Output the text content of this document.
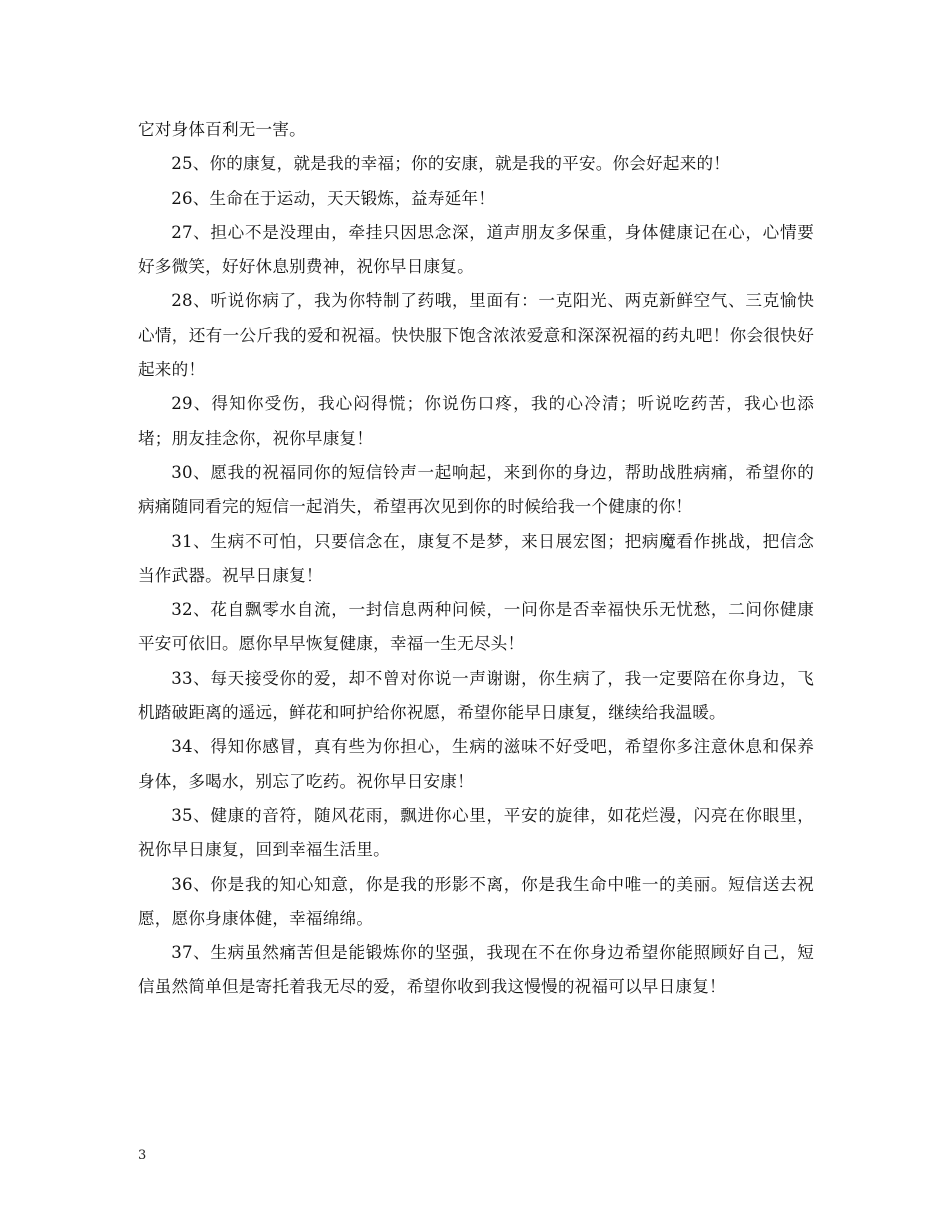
它对身体百利无一害。

25、你的康复，就是我的幸福；你的安康，就是我的平安。你会好起来的！

26、生命在于运动，天天锻炼，益寿延年！

27、担心不是没理由，牵挂只因思念深，道声朋友多保重，身体健康记在心，心情要好多微笑，好好休息别费神，祝你早日康复。

28、听说你病了，我为你特制了药哦，里面有：一克阳光、两克新鲜空气、三克愉快心情，还有一公斤我的爱和祝福。快快服下饱含浓浓爱意和深深祝福的药丸吧！你会很快好起来的！

29、得知你受伤，我心闷得慌；你说伤口疼，我的心冷清；听说吃药苦，我心也添堵；朋友挂念你，祝你早康复！

30、愿我的祝福同你的短信铃声一起响起，来到你的身边，帮助战胜病痛，希望你的病痛随同看完的短信一起消失，希望再次见到你的时候给我一个健康的你！

31、生病不可怕，只要信念在，康复不是梦，来日展宏图；把病魔看作挑战，把信念当作武器。祝早日康复！

32、花自飘零水自流，一封信息两种问候，一问你是否幸福快乐无忧愁，二问你健康平安可依旧。愿你早早恢复健康，幸福一生无尽头！

33、每天接受你的爱，却不曾对你说一声谢谢，你生病了，我一定要陪在你身边，飞机踏破距离的遥远，鲜花和呵护给你祝愿，希望你能早日康复，继续给我温暖。

34、得知你感冒，真有些为你担心，生病的滋味不好受吧，希望你多注意休息和保养身体，多喝水，别忘了吃药。祝你早日安康！

35、健康的音符，随风花雨，飘进你心里，平安的旋律，如花烂漫，闪亮在你眼里，祝你早日康复，回到幸福生活里。

36、你是我的知心知意，你是我的形影不离，你是我生命中唯一的美丽。短信送去祝愿，愿你身康体健，幸福绵绵。

37、生病虽然痛苦但是能锻炼你的坚强，我现在不在你身边希望你能照顾好自己，短信虽然简单但是寄托着我无尽的爱，希望你收到我这慢慢的祝福可以早日康复！

3
